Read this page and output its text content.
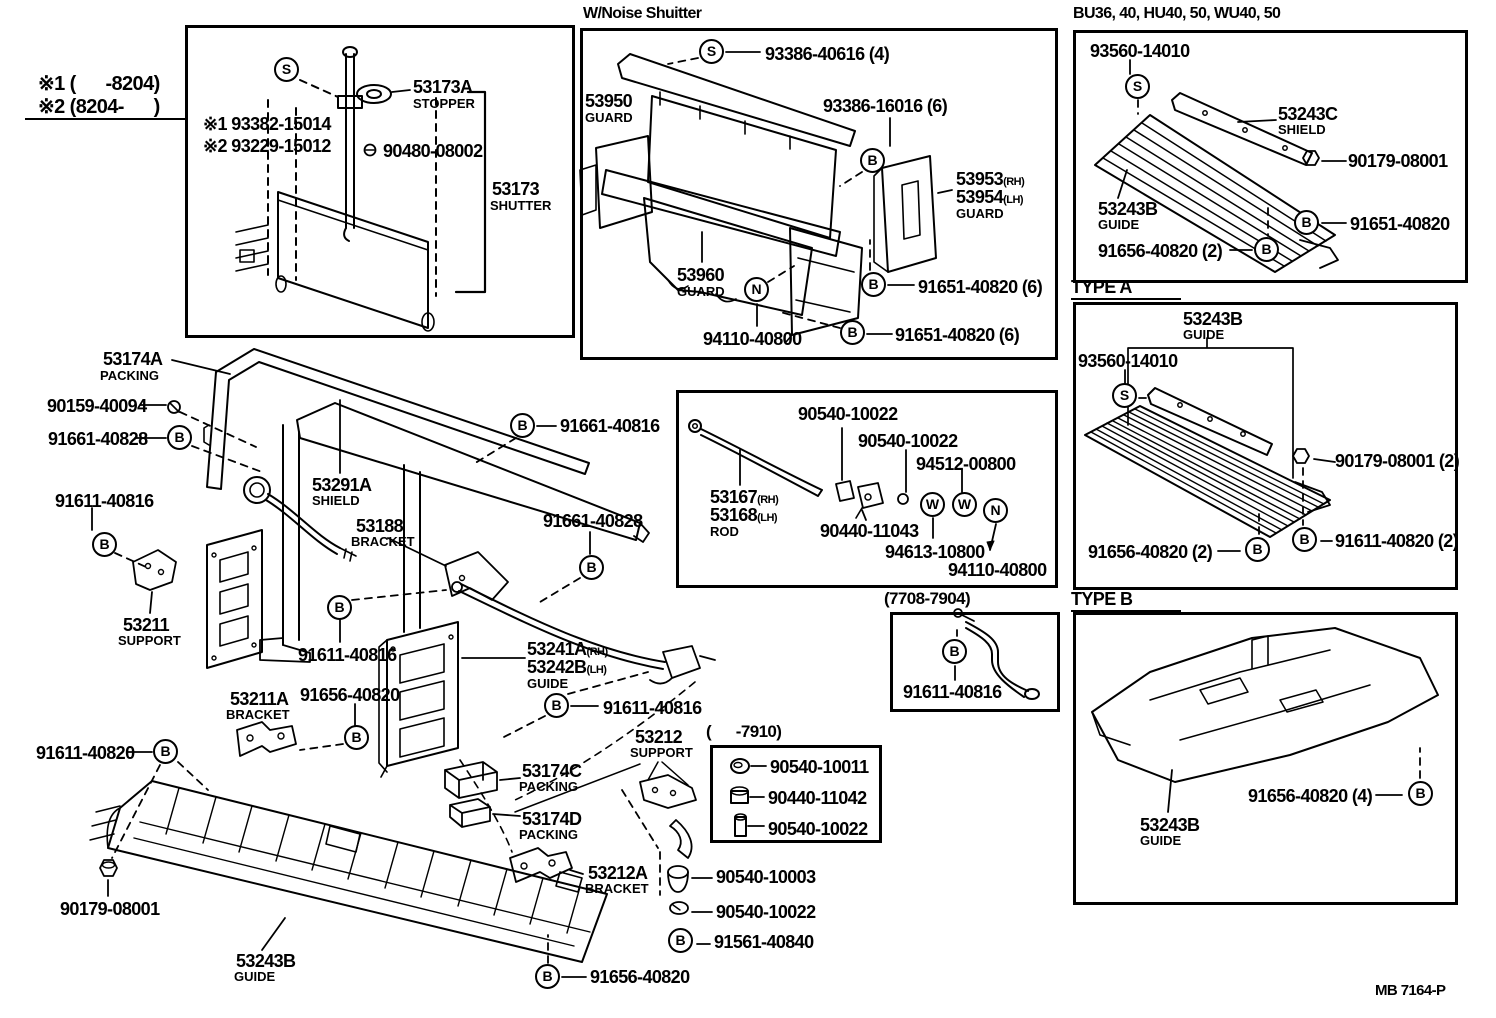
※1 (      -8204)
※2 (8204-      )
W/Noise Shuitter	BU36, 40, HU40, 50, WU40, 50
TYPE A
TYPE B
(7708-7904)
(      -7910)
MB 7164-P
※1 93382-15014
※2 93229-15012
53173A
STOPPER
90480-08002
53173
SHUTTER
S
93386-40616 (4)
53950
GUARD
93386-16016 (6)
53953(RH)
53954(LH)
GUARD
53960
GUARD
94110-40800
91651-40820 (6)
91651-40820 (6)
S
B
N	B
B
93560-14010
53243C
SHIELD
90179-08001
53243B
GUIDE	91651-40820
91656-40820 (2)
S
B
B
53243B
GUIDE
93560-14010
90179-08001 (2)
91611-40820 (2)
91656-40820 (2)
S
B
B
91656-40820 (4)
53243B
GUIDE
B
90540-10022
90540-10022
94512-00800
53167(RH)
53168(LH)
ROD	90440-11043
94613-10800
94110-40800
W	W	N
91611-40816
B
90540-10011
90440-11042
90540-10022
53174A
PACKING
90159-40094
91661-40828
91611-40816
53211
SUPPORT
53291A
SHIELD
53188
BRACKET
91661-40816
91661-40828
91611-40816	53241A(RH)
53242B(LH)
GUIDE
91656-40820
53211A
BRACKET	91611-40816
91611-40820
53174C
PACKING
53174D
PACKING
53212
SUPPORT
53212A
BRACKET
90540-10003
90540-10022
91561-40840
91656-40820
53243B
GUIDE
90179-08001
B
B
B
B
B
B
B
B
B
B
